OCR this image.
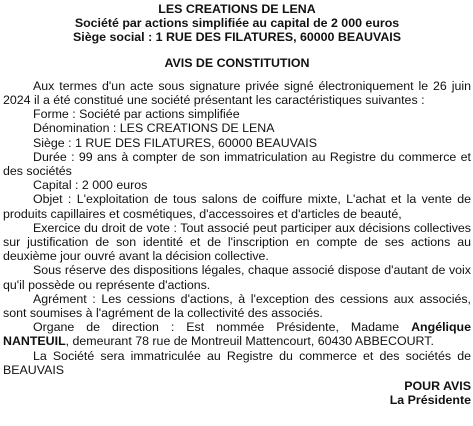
LES CREATIONS DE LENA
Société par actions simplifiée au capital de 2 000 euros
Siège social : 1 RUE DES FILATURES, 60000 BEAUVAIS
AVIS DE CONSTITUTION

Aux termes d'un acte sous signature privée signé électroniquement le 26 juin 2024 il a été constitué une société présentant les caractéristiques suivantes :

Forme : Société par actions simplifiée

Dénomination : LES CREATIONS DE LENA

Siège : 1 RUE DES FILATURES, 60000 BEAUVAIS

Durée : 99 ans à compter de son immatriculation au Registre du commerce et des sociétés

Capital : 2 000 euros

Objet : L'exploitation de tous salons de coiffure mixte, L'achat et la vente de produits capillaires et cosmétiques, d'accessoires et d'articles de beauté,

Exercice du droit de vote : Tout associé peut participer aux décisions collectives sur justification de son identité et de l'inscription en compte de ses actions au deuxième jour ouvré avant la décision collective.

Sous réserve des dispositions légales, chaque associé dispose d'autant de voix qu'il possède ou représente d'actions.

Agrément : Les cessions d'actions, à l'exception des cessions aux associés, sont soumises à l'agrément de la collectivité des associés.

Organe de direction : Est nommée Présidente, Madame Angélique NANTEUIL, demeurant 78 rue de Montreuil Mattencourt, 60430 ABBECOURT.

La Société sera immatriculée au Registre du commerce et des sociétés de BEAUVAIS

POUR AVIS
La Présidente
